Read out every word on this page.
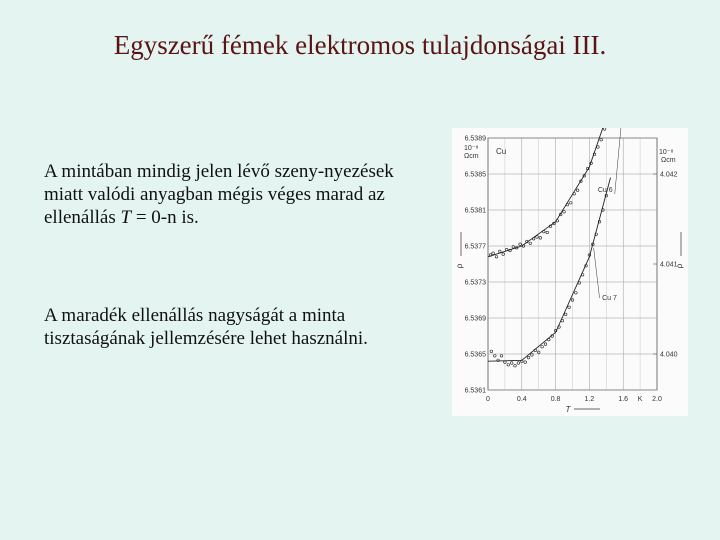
Egyszerű fémek elektromos tulajdonságai III.
A mintában mindig jelen lévő szeny-nyezések miatt valódi anyagban mégis véges marad az ellenállás T = 0-n is.
A maradék ellenállás nagyságát a minta tisztaságának jellemzésére lehet használni.
0	0.4	0.8	1.2	1.6	2.0
6.5389
6.5385
6.5381
6.5377
6.5373
6.5369
6.5365
6.5361
4.042
4.041
4.040
10⁻⁸
Ωcm
10⁻⁸
Ωcm
ρ	ρ
T
K
Cu
Cu 6
Cu 7
